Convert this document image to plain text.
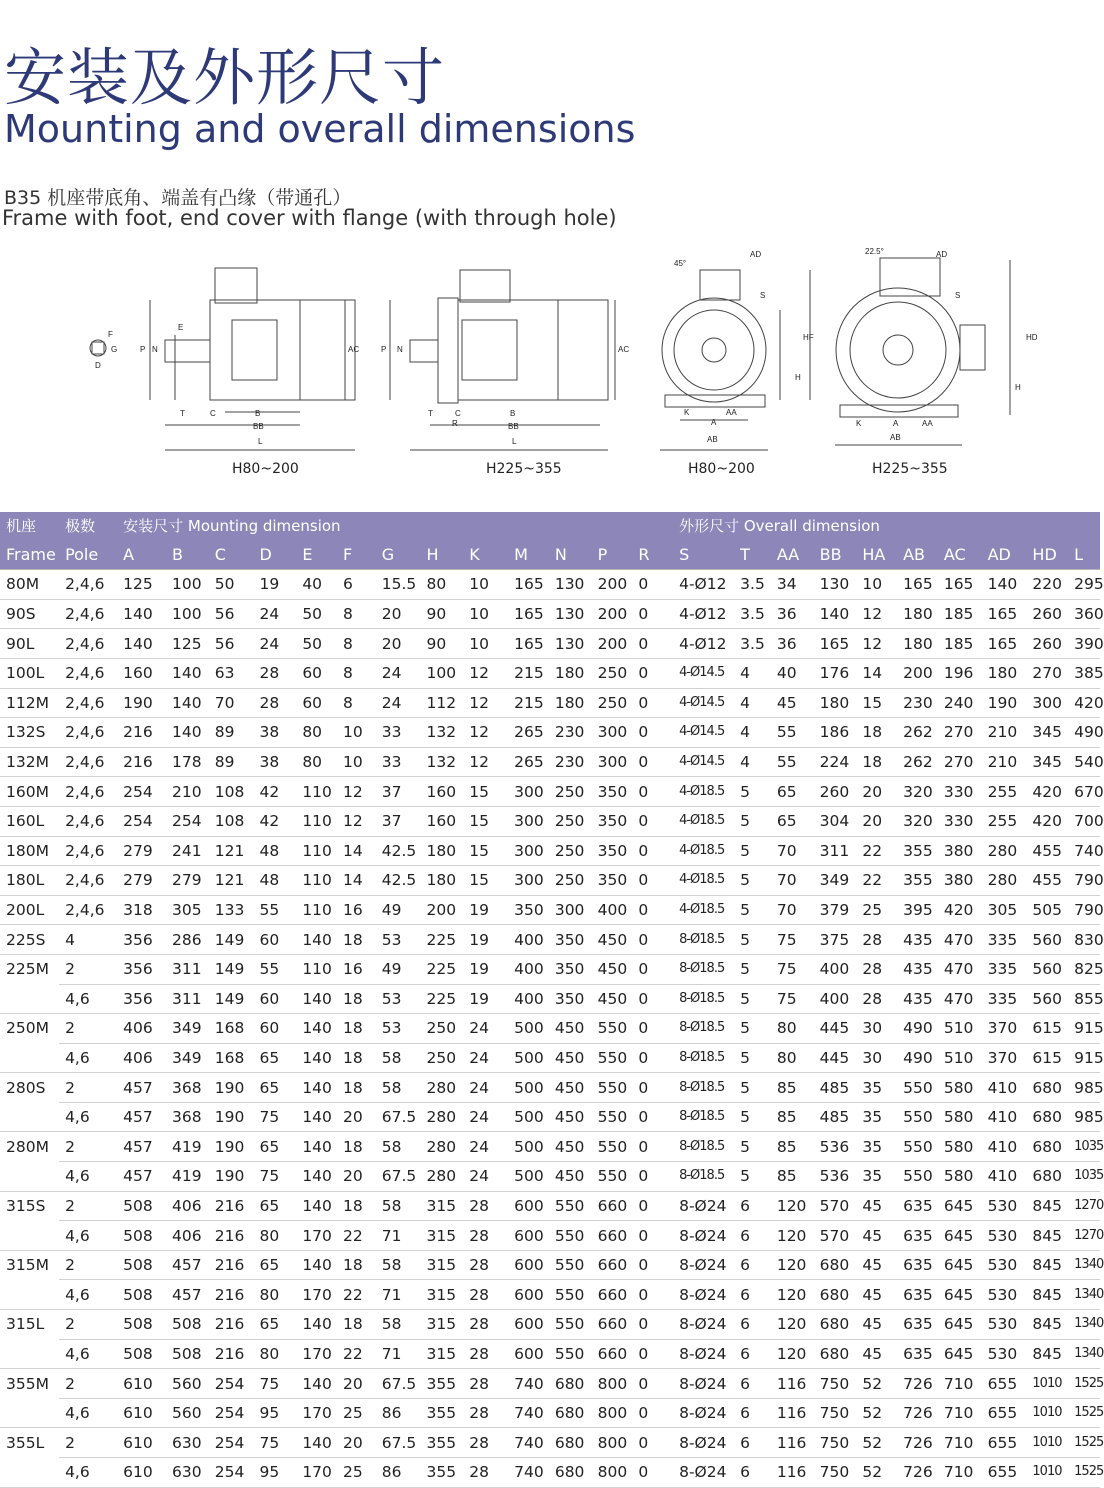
安装及外形尺寸
Mounting and overall dimensions
B35 机座带底角、端盖有凸缘（带通孔）
Frame with foot, end cover with flange (with through hole)
F
G
D
E
N
P	AC
T	C	B
BB
L
P N	AC
T	C	B
R	BB
L
45°
AD
S
HF
H
K
A
AA
AB
22.5°	AD
S
HD
H
K	A	AA
AB
H80~200	H225~355	H80~200	H225~355
机座	极数	安装尺寸 Mounting dimension													外形尺寸 Overall dimension									
Frame	Pole	A	B	C	D	E	F	G	H	K	M	N	P	R	S	T	AA	BB	HA	AB	AC	AD	HD	L
80M	2,4,6	125	100	50	19	40	6	15.5	80	10	165	130	200	0	4-Ø12	3.5	34	130	10	165	165	140	220	295
90S	2,4,6	140	100	56	24	50	8	20	90	10	165	130	200	0	4-Ø12	3.5	36	140	12	180	185	165	260	360
90L	2,4,6	140	125	56	24	50	8	20	90	10	165	130	200	0	4-Ø12	3.5	36	165	12	180	185	165	260	390
100L	2,4,6	160	140	63	28	60	8	24	100	12	215	180	250	0	4-Ø14.5	4	40	176	14	200	196	180	270	385
112M	2,4,6	190	140	70	28	60	8	24	112	12	215	180	250	0	4-Ø14.5	4	45	180	15	230	240	190	300	420
132S	2,4,6	216	140	89	38	80	10	33	132	12	265	230	300	0	4-Ø14.5	4	55	186	18	262	270	210	345	490
132M	2,4,6	216	178	89	38	80	10	33	132	12	265	230	300	0	4-Ø14.5	4	55	224	18	262	270	210	345	540
160M	2,4,6	254	210	108	42	110	12	37	160	15	300	250	350	0	4-Ø18.5	5	65	260	20	320	330	255	420	670
160L	2,4,6	254	254	108	42	110	12	37	160	15	300	250	350	0	4-Ø18.5	5	65	304	20	320	330	255	420	700
180M	2,4,6	279	241	121	48	110	14	42.5	180	15	300	250	350	0	4-Ø18.5	5	70	311	22	355	380	280	455	740
180L	2,4,6	279	279	121	48	110	14	42.5	180	15	300	250	350	0	4-Ø18.5	5	70	349	22	355	380	280	455	790
200L	2,4,6	318	305	133	55	110	16	49	200	19	350	300	400	0	4-Ø18.5	5	70	379	25	395	420	305	505	790
225S	4	356	286	149	60	140	18	53	225	19	400	350	450	0	8-Ø18.5	5	75	375	28	435	470	335	560	830
225M	2	356	311	149	55	110	16	49	225	19	400	350	450	0	8-Ø18.5	5	75	400	28	435	470	335	560	825
	4,6	356	311	149	60	140	18	53	225	19	400	350	450	0	8-Ø18.5	5	75	400	28	435	470	335	560	855
250M	2	406	349	168	60	140	18	53	250	24	500	450	550	0	8-Ø18.5	5	80	445	30	490	510	370	615	915
	4,6	406	349	168	65	140	18	58	250	24	500	450	550	0	8-Ø18.5	5	80	445	30	490	510	370	615	915
280S	2	457	368	190	65	140	18	58	280	24	500	450	550	0	8-Ø18.5	5	85	485	35	550	580	410	680	985
	4,6	457	368	190	75	140	20	67.5	280	24	500	450	550	0	8-Ø18.5	5	85	485	35	550	580	410	680	985
280M	2	457	419	190	65	140	18	58	280	24	500	450	550	0	8-Ø18.5	5	85	536	35	550	580	410	680	1035
	4,6	457	419	190	75	140	20	67.5	280	24	500	450	550	0	8-Ø18.5	5	85	536	35	550	580	410	680	1035
315S	2	508	406	216	65	140	18	58	315	28	600	550	660	0	8-Ø24	6	120	570	45	635	645	530	845	1270
	4,6	508	406	216	80	170	22	71	315	28	600	550	660	0	8-Ø24	6	120	570	45	635	645	530	845	1270
315M	2	508	457	216	65	140	18	58	315	28	600	550	660	0	8-Ø24	6	120	680	45	635	645	530	845	1340
	4,6	508	457	216	80	170	22	71	315	28	600	550	660	0	8-Ø24	6	120	680	45	635	645	530	845	1340
315L	2	508	508	216	65	140	18	58	315	28	600	550	660	0	8-Ø24	6	120	680	45	635	645	530	845	1340
	4,6	508	508	216	80	170	22	71	315	28	600	550	660	0	8-Ø24	6	120	680	45	635	645	530	845	1340
355M	2	610	560	254	75	140	20	67.5	355	28	740	680	800	0	8-Ø24	6	116	750	52	726	710	655	1010	1525
	4,6	610	560	254	95	170	25	86	355	28	740	680	800	0	8-Ø24	6	116	750	52	726	710	655	1010	1525
355L	2	610	630	254	75	140	20	67.5	355	28	740	680	800	0	8-Ø24	6	116	750	52	726	710	655	1010	1525
	4,6	610	630	254	95	170	25	86	355	28	740	680	800	0	8-Ø24	6	116	750	52	726	710	655	1010	1525
